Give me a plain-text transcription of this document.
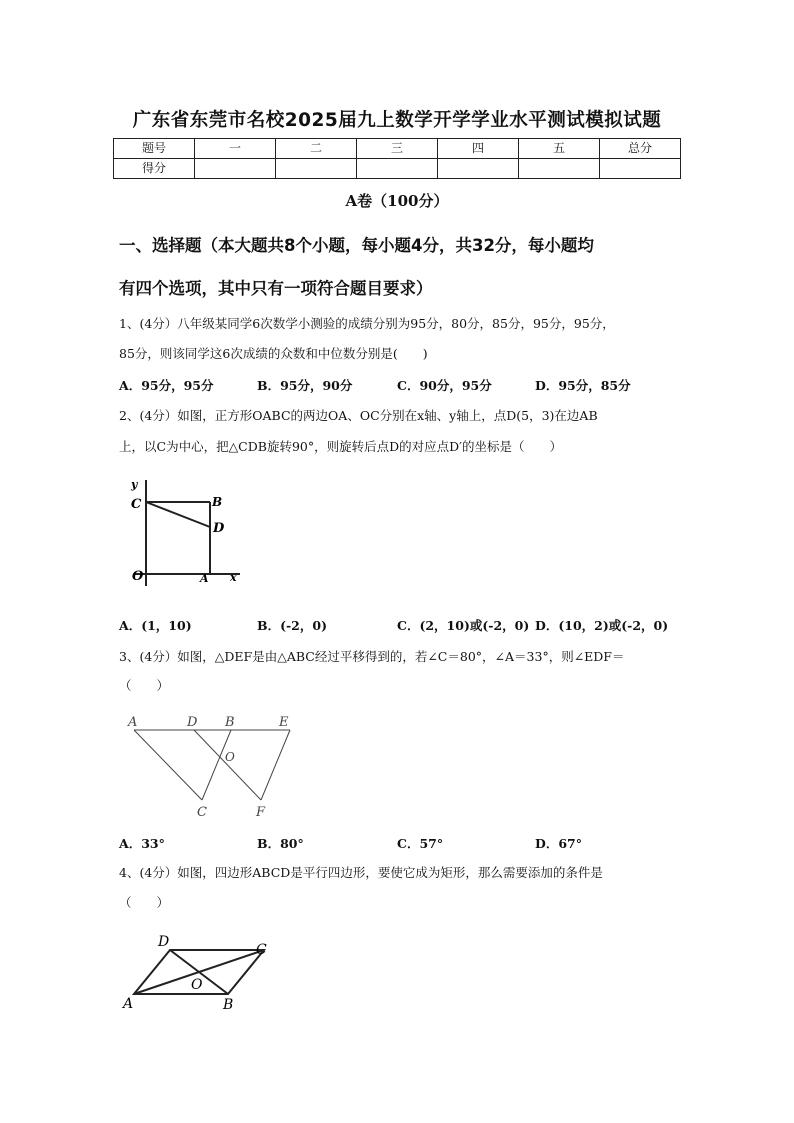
广东省东莞市名校2025届九上数学开学学业水平测试模拟试题
题号	一	二	三	四	五	总分
得分						
A卷（100分）
一、选择题（本大题共8个小题，每小题4分，共32分，每小题均
有四个选项，其中只有一项符合题目要求）
1、(4分）八年级某同学6次数学小测验的成绩分别为95分，80分，85分，95分，95分，
85分，则该同学这6次成绩的众数和中位数分别是(　　)
A．95分，95分	B．95分，90分	C．90分，95分	D．95分，85分
2、(4分）如图，正方形OABC的两边OA、OC分别在x轴、y轴上，点D(5，3)在边AB
上，以C为中心，把△CDB旋转90°，则旋转后点D的对应点D′的坐标是（　　）
y
x
C	B
D
O	A
A．(1，10)	B．(-2，0)	C．(2，10)或(-2，0) D．(10，2)或(-2，0)
3、(4分）如图，△DEF是由△ABC经过平移得到的，若∠C＝80°，∠A＝33°，则∠EDF＝
（　　）
A	D B	E
O
C	F
A．33°	B．80°	C．57°	D．67°
4、(4分）如图，四边形ABCD是平行四边形，要使它成为矩形，那么需要添加的条件是
（　　）
D	C
O
A	B
